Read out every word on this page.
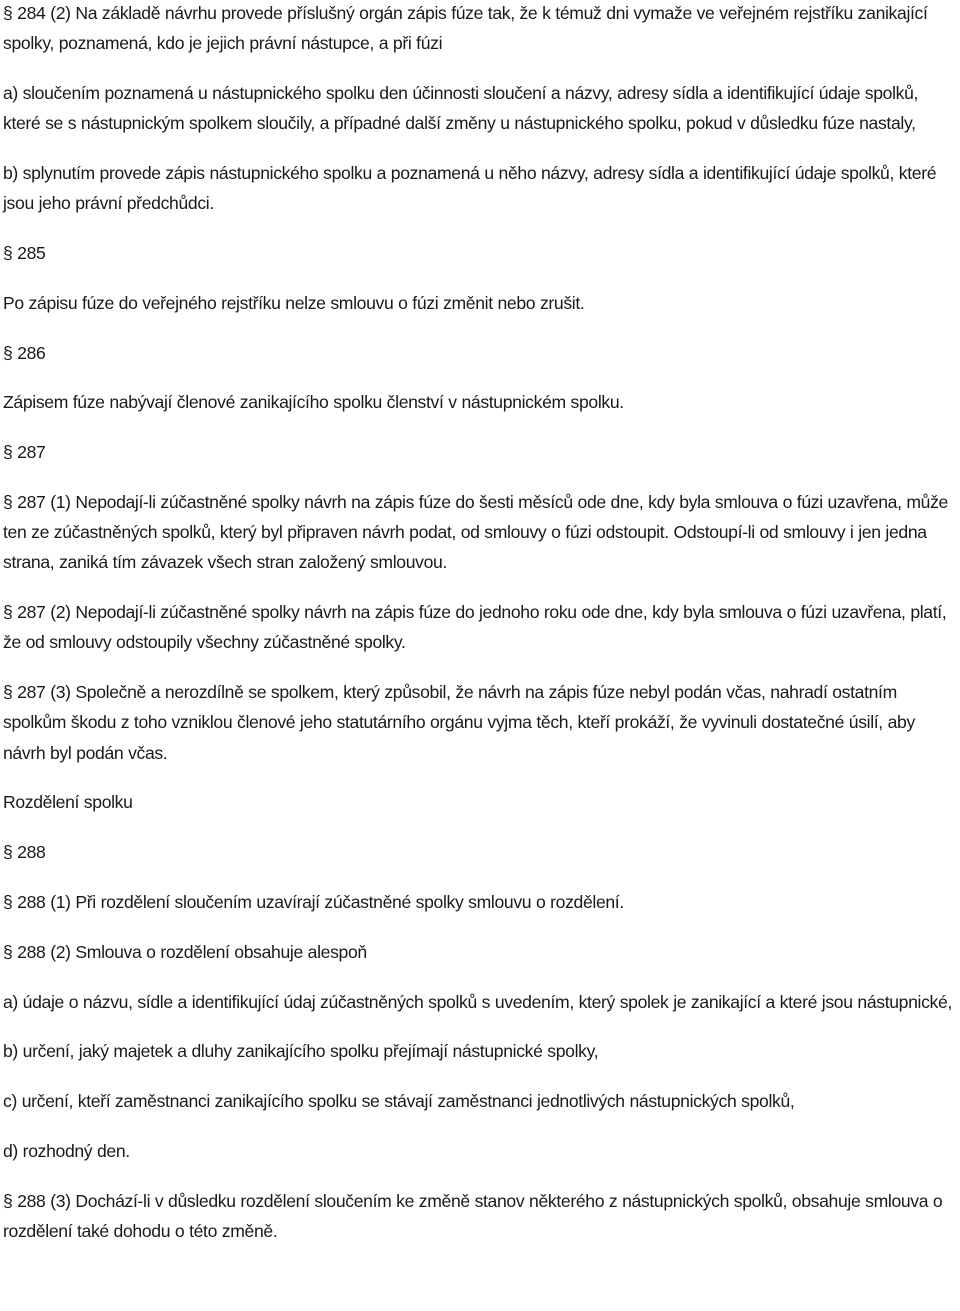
§ 284 (2) Na základě návrhu provede příslušný orgán zápis fúze tak, že k témuž dni vymaže ve veřejném rejstříku zanikající spolky, poznamená, kdo je jejich právní nástupce, a při fúzi

a) sloučením poznamená u nástupnického spolku den účinnosti sloučení a názvy, adresy sídla a identifikující údaje spolků, které se s nástupnickým spolkem sloučily, a případné další změny u nástupnického spolku, pokud v důsledku fúze nastaly,

b) splynutím provede zápis nástupnického spolku a poznamená u něho názvy, adresy sídla a identifikující údaje spolků, které jsou jeho právní předchůdci.

§ 285

Po zápisu fúze do veřejného rejstříku nelze smlouvu o fúzi změnit nebo zrušit.

§ 286

Zápisem fúze nabývají členové zanikajícího spolku členství v nástupnickém spolku.

§ 287

§ 287 (1) Nepodají-li zúčastněné spolky návrh na zápis fúze do šesti měsíců ode dne, kdy byla smlouva o fúzi uzavřena, může ten ze zúčastněných spolků, který byl připraven návrh podat, od smlouvy o fúzi odstoupit. Odstoupí-li od smlouvy i jen jedna strana, zaniká tím závazek všech stran založený smlouvou.

§ 287 (2) Nepodají-li zúčastněné spolky návrh na zápis fúze do jednoho roku ode dne, kdy byla smlouva o fúzi uzavřena, platí, že od smlouvy odstoupily všechny zúčastněné spolky.

§ 287 (3) Společně a nerozdílně se spolkem, který způsobil, že návrh na zápis fúze nebyl podán včas, nahradí ostatním spolkům škodu z toho vzniklou členové jeho statutárního orgánu vyjma těch, kteří prokáží, že vyvinuli dostatečné úsilí, aby návrh byl podán včas.

Rozdělení spolku

§ 288

§ 288 (1) Při rozdělení sloučením uzavírají zúčastněné spolky smlouvu o rozdělení.

§ 288 (2) Smlouva o rozdělení obsahuje alespoň

a) údaje o názvu, sídle a identifikující údaj zúčastněných spolků s uvedením, který spolek je zanikající a které jsou nástupnické,

b) určení, jaký majetek a dluhy zanikajícího spolku přejímají nástupnické spolky,

c) určení, kteří zaměstnanci zanikajícího spolku se stávají zaměstnanci jednotlivých nástupnických spolků,

d) rozhodný den.

§ 288 (3) Dochází-li v důsledku rozdělení sloučením ke změně stanov některého z nástupnických spolků, obsahuje smlouva o rozdělení také dohodu o této změně.
